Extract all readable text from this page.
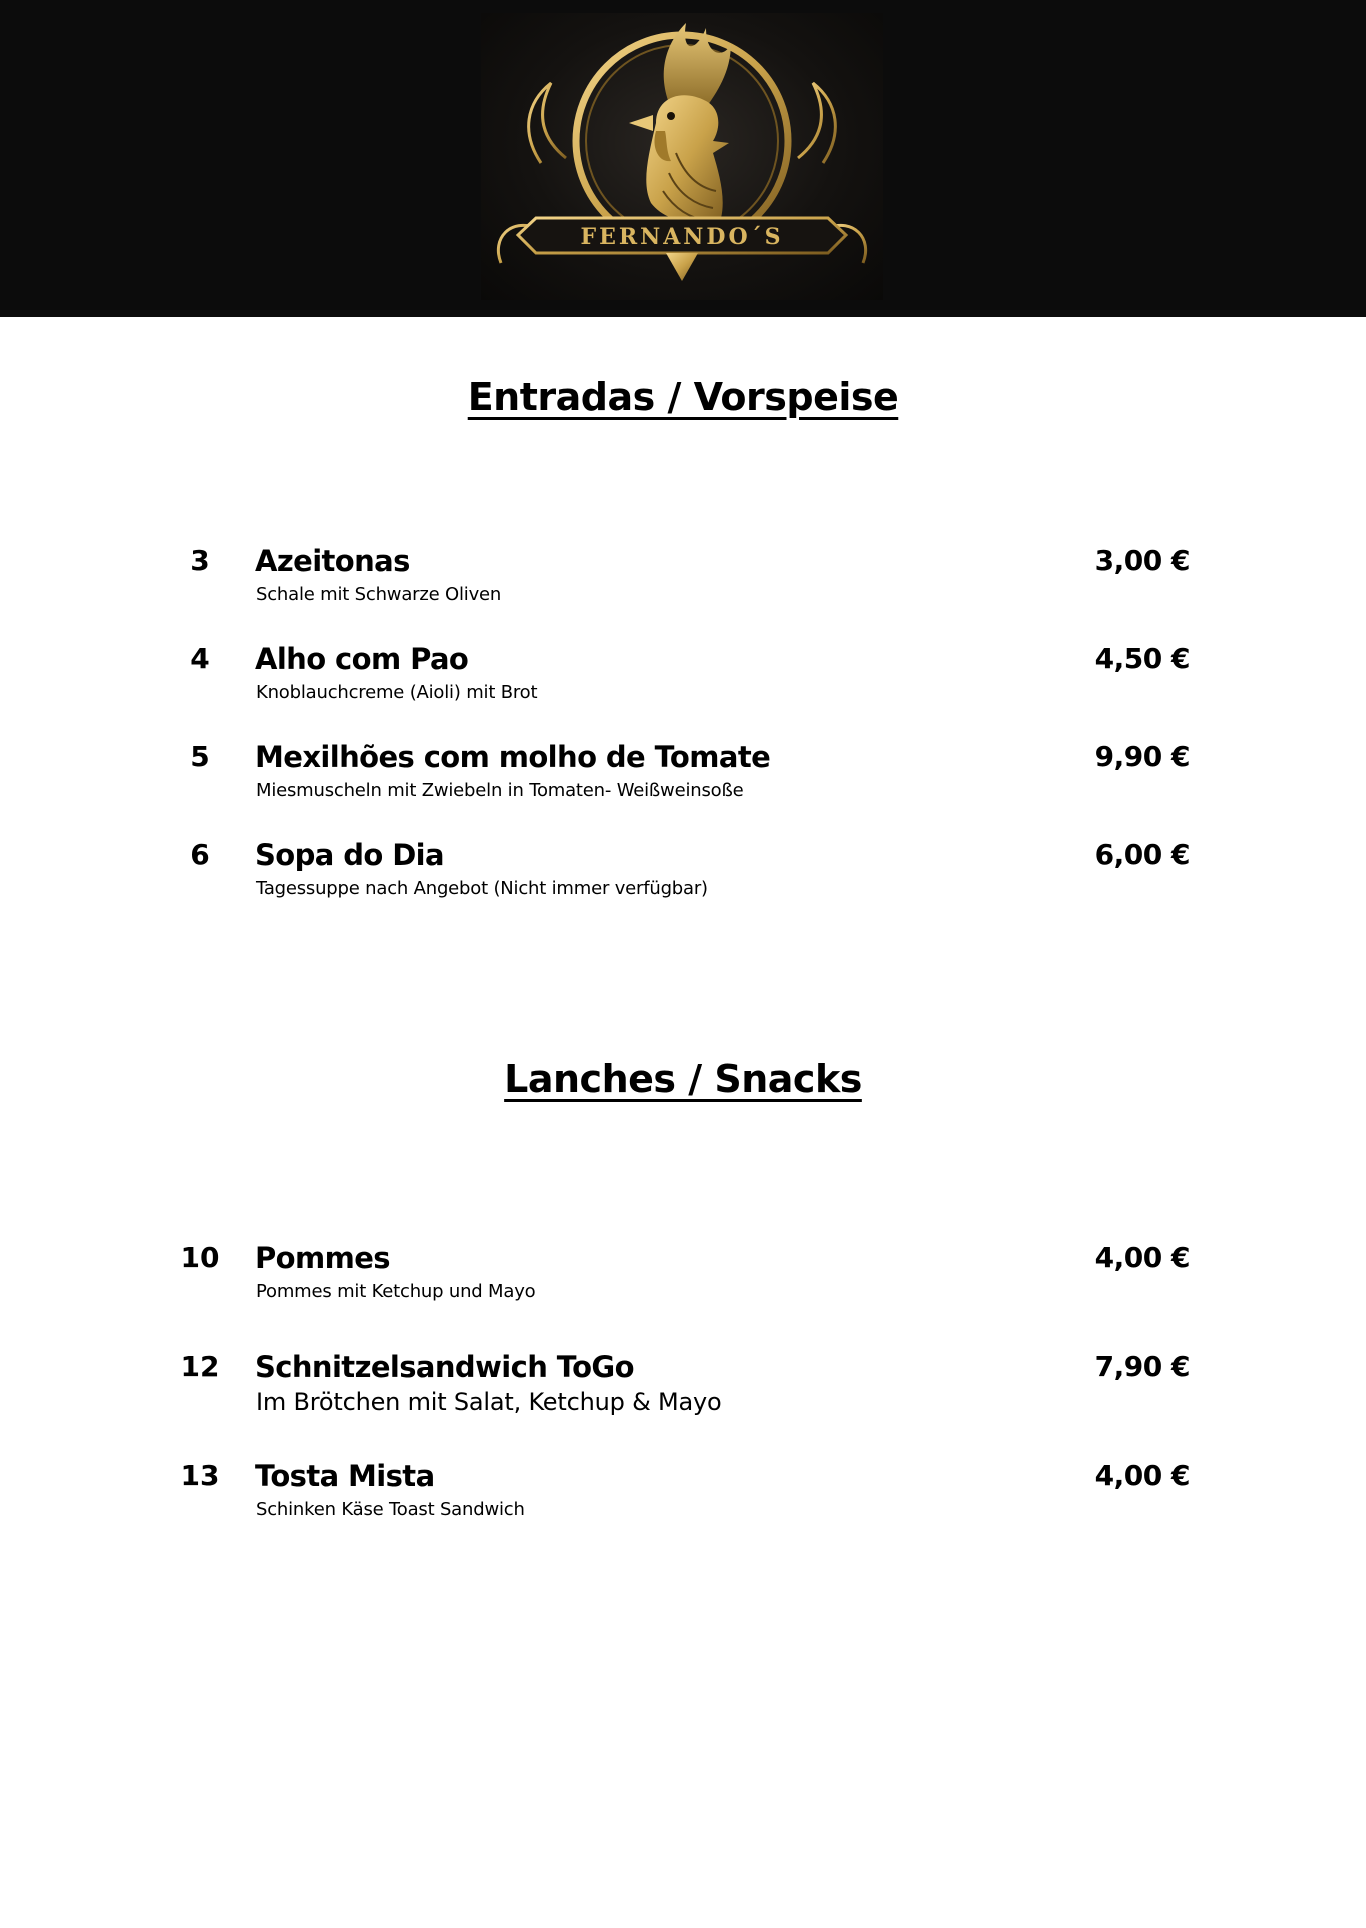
FERNANDO´S
Entradas / Vorspeise
3	Azeitonas
Schale mit Schwarze Oliven
3,00 €
4	Alho com Pao
Knoblauchcreme (Aioli) mit Brot
4,50 €
5	Mexilhões com molho de Tomate
Miesmuscheln mit Zwiebeln in Tomaten- Weißweinsoße
9,90 €
6	Sopa do Dia
Tagessuppe nach Angebot (Nicht immer verfügbar)
6,00 €
Lanches / Snacks
10	Pommes
Pommes mit Ketchup und Mayo
4,00 €
12	Schnitzelsandwich ToGo
Im Brötchen mit Salat, Ketchup & Mayo
7,90 €
13	Tosta Mista
Schinken Käse Toast Sandwich
4,00 €
